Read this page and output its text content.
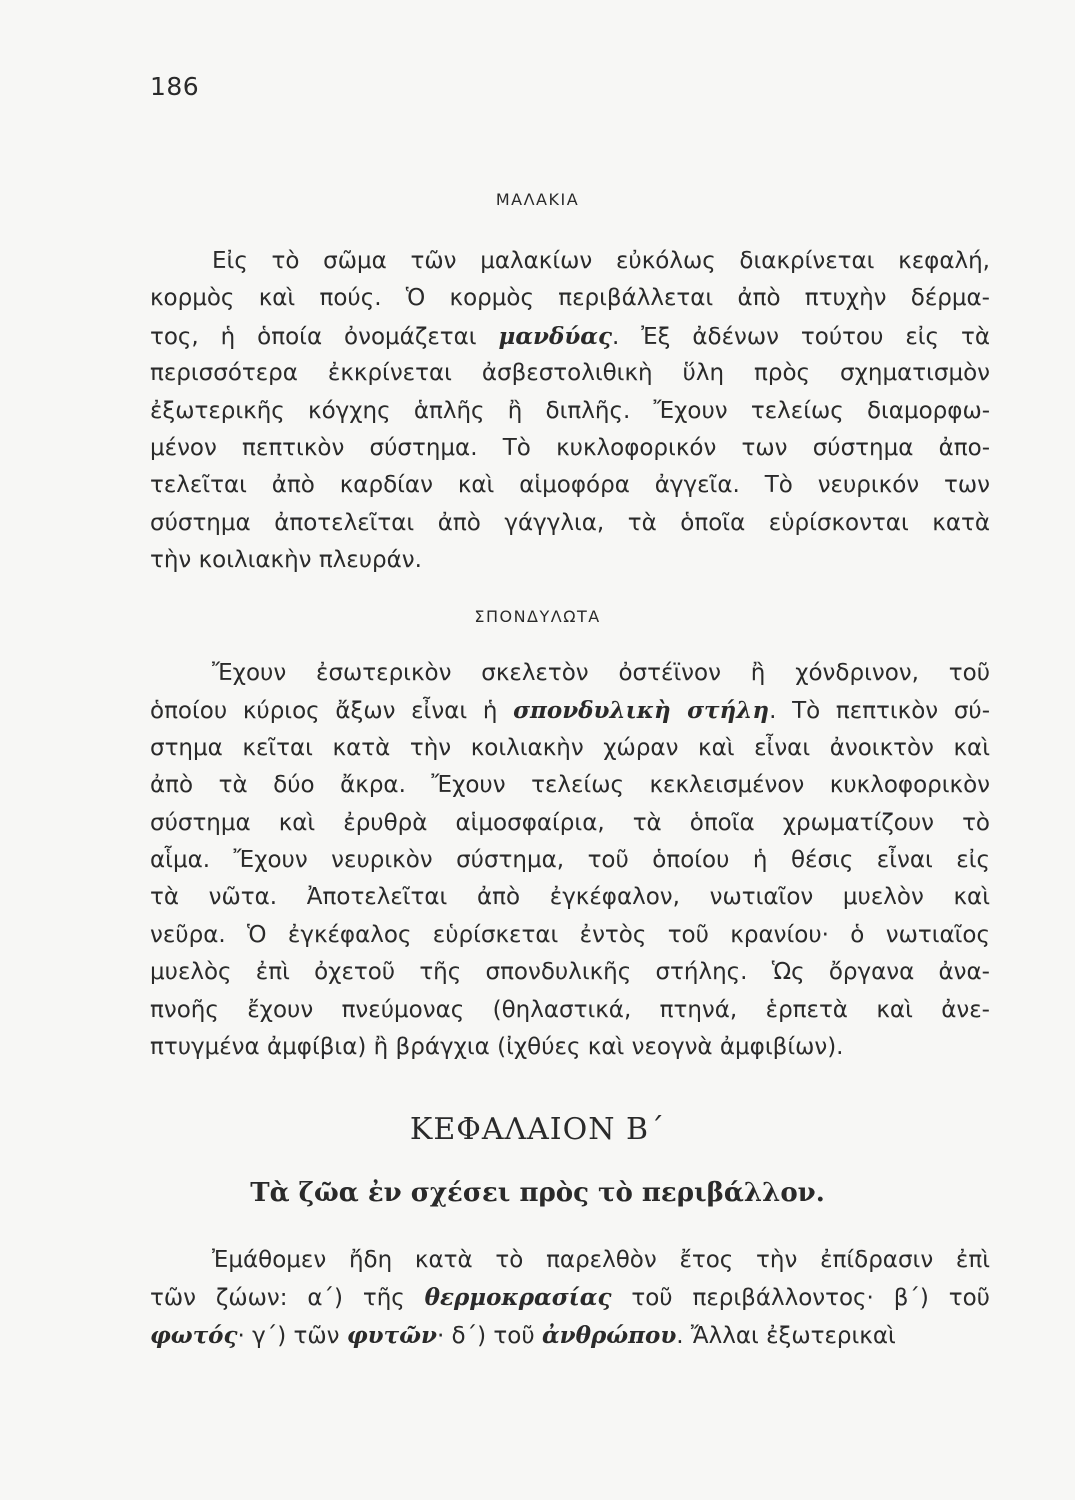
186
ΜΑΛΑΚΙΑ
Εἰς τὸ σῶμα τῶν μαλακίων εὐκόλως διακρίνεται κεφαλή,
κορμὸς καὶ πούς. Ὁ κορμὸς περιβάλλεται ἀπὸ πτυχὴν δέρμα-
τος, ἡ ὁποία ὀνομάζεται μανδύας. Ἐξ ἀδένων τούτου εἰς τὰ
περισσότερα ἐκκρίνεται ἀσβεστολιθικὴ ὕλη πρὸς σχηματισμὸν
ἐξωτερικῆς κόγχης ἁπλῆς ἢ διπλῆς. Ἔχουν τελείως διαμορφω-
μένον πεπτικὸν σύστημα. Τὸ κυκλοφορικόν των σύστημα ἀπο-
τελεῖται ἀπὸ καρδίαν καὶ αἱμοφόρα ἀγγεῖα. Τὸ νευρικόν των
σύστημα ἀποτελεῖται ἀπὸ γάγγλια, τὰ ὁποῖα εὑρίσκονται κατὰ
τὴν κοιλιακὴν πλευράν.
ΣΠΟΝΔΥΛΩΤΑ
Ἔχουν ἐσωτερικὸν σκελετὸν ὀστέϊνον ἢ χόνδρινον, τοῦ
ὁποίου κύριος ἄξων εἶναι ἡ σπονδυλικὴ στήλη. Τὸ πεπτικὸν σύ-
στημα κεῖται κατὰ τὴν κοιλιακὴν χώραν καὶ εἶναι ἀνοικτὸν καὶ
ἀπὸ τὰ δύο ἄκρα. Ἔχουν τελείως κεκλεισμένον κυκλοφορικὸν
σύστημα καὶ ἐρυθρὰ αἱμοσφαίρια, τὰ ὁποῖα χρωματίζουν τὸ
αἷμα. Ἔχουν νευρικὸν σύστημα, τοῦ ὁποίου ἡ θέσις εἶναι εἰς
τὰ νῶτα. Ἀποτελεῖται ἀπὸ ἐγκέφαλον, νωτιαῖον μυελὸν καὶ
νεῦρα. Ὁ ἐγκέφαλος εὑρίσκεται ἐντὸς τοῦ κρανίου· ὁ νωτιαῖος
μυελὸς ἐπὶ ὀχετοῦ τῆς σπονδυλικῆς στήλης. Ὡς ὄργανα ἀνα-
πνοῆς ἔχουν πνεύμονας (θηλαστικά, πτηνά, ἑρπετὰ καὶ ἀνε-
πτυγμένα ἀμφίβια) ἢ βράγχια (ἰχθύες καὶ νεογνὰ ἀμφιβίων).
ΚΕΦΑΛΑΙΟΝ Β΄
Τὰ ζῶα ἐν σχέσει πρὸς τὸ περιβάλλον.
Ἐμάθομεν ἤδη κατὰ τὸ παρελθὸν ἔτος τὴν ἐπίδρασιν ἐπὶ
τῶν ζώων: α΄) τῆς θερμοκρασίας τοῦ περιβάλλοντος· β΄) τοῦ
φωτός· γ΄) τῶν φυτῶν· δ΄) τοῦ ἀνθρώπου. Ἄλλαι ἐξωτερικαὶ
